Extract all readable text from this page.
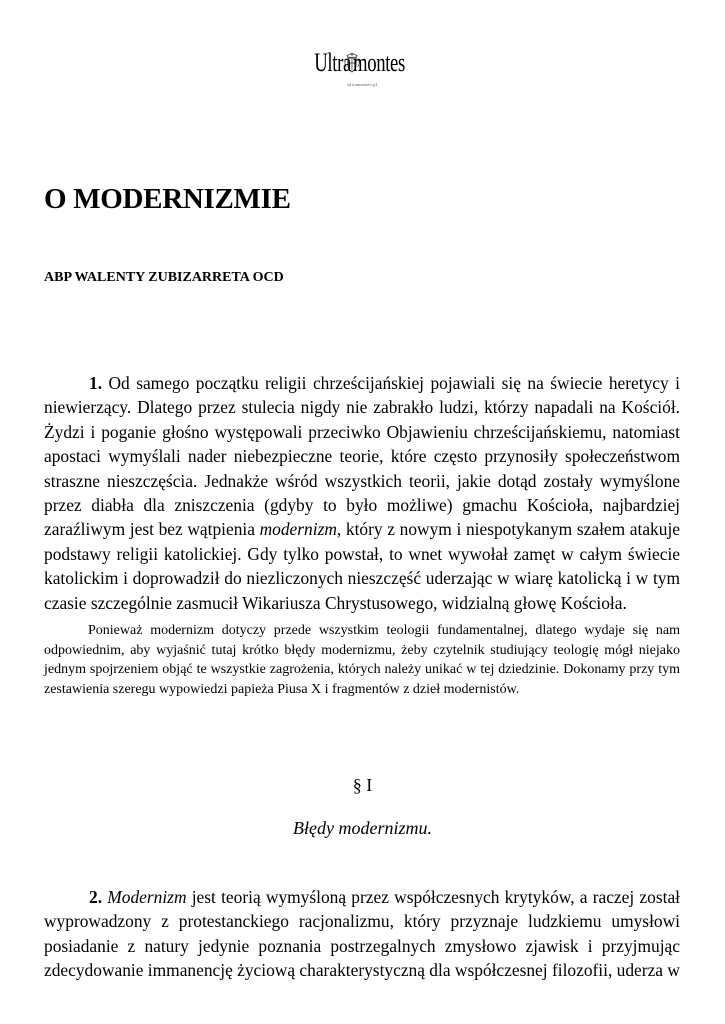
Ultra montes
ultramontes.pl
O MODERNIZMIE
ABP WALENTY ZUBIZARRETA OCD

1. Od samego początku religii chrześcijańskiej pojawiali się na świecie heretycy i niewierzący. Dlatego przez stulecia nigdy nie zabrakło ludzi, którzy napadali na Kościół. Żydzi i poganie głośno występowali przeciwko Objawieniu chrześcijańskiemu, natomiast apostaci wymyślali nader niebezpieczne teorie, które często przynosiły społeczeństwom straszne nieszczęścia. Jednakże wśród wszystkich teorii, jakie dotąd zostały wymyślone przez diabła dla zniszczenia (gdyby to było możliwe) gmachu Kościoła, najbardziej zaraźliwym jest bez wątpienia modernizm, który z nowym i niespotykanym szałem atakuje podstawy religii katolickiej. Gdy tylko powstał, to wnet wywołał zamęt w całym świecie katolickim i doprowadził do niezliczonych nieszczęść uderzając w wiarę katolicką i w tym czasie szczególnie zasmucił Wikariusza Chrystusowego, widzialną głowę Kościoła.

Ponieważ modernizm dotyczy przede wszystkim teologii fundamentalnej, dlatego wydaje się nam odpowiednim, aby wyjaśnić tutaj krótko błędy modernizmu, żeby czytelnik studiujący teologię mógł niejako jednym spojrzeniem objąć te wszystkie zagrożenia, których należy unikać w tej dziedzinie. Dokonamy przy tym zestawienia szeregu wypowiedzi papieża Piusa X i fragmentów z dzieł modernistów.

§ I
Błędy modernizmu.

2. Modernizm jest teorią wymyśloną przez współczesnych krytyków, a raczej został wyprowadzony z protestanckiego racjonalizmu, który przyznaje ludzkiemu umysłowi posiadanie z natury jedynie poznania postrzegalnych zmysłowo zjawisk i przyjmując zdecydowanie immanencję życiową charakterystyczną dla współczesnej filozofii, uderza w
